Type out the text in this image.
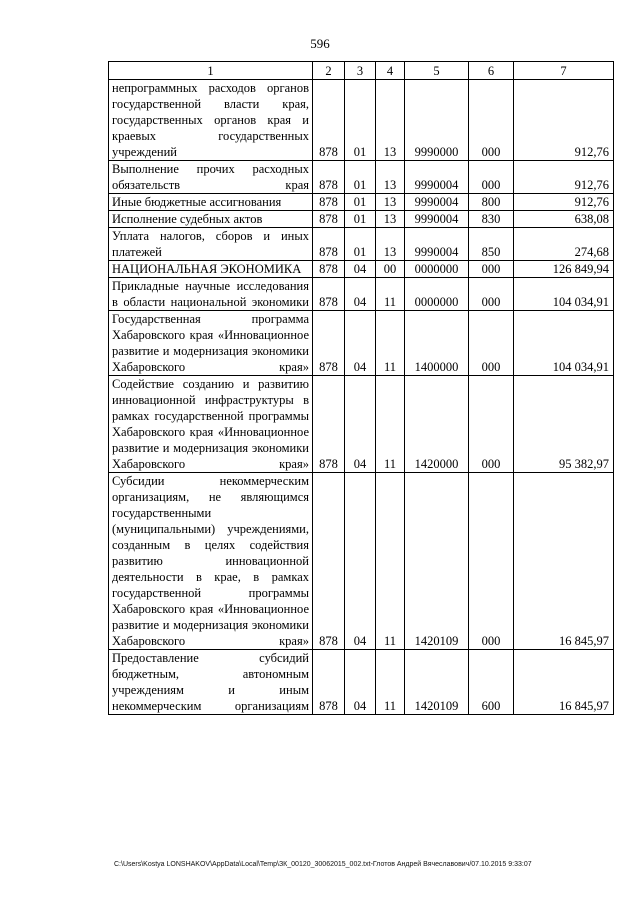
596
1	2	3	4	5	6	7
непрограммных расходов органов государственной власти края, государственных органов края и краевых государственных учреждений	878	01	13	9990000	000	912,76
Выполнение прочих расходных обязательств края	878	01	13	9990004	000	912,76
Иные бюджетные ассигнования	878	01	13	9990004	800	912,76
Исполнение судебных актов	878	01	13	9990004	830	638,08
Уплата налогов, сборов и иных платежей	878	01	13	9990004	850	274,68
НАЦИОНАЛЬНАЯ ЭКОНОМИКА	878	04	00	0000000	000	126 849,94
Прикладные научные исследования в области национальной экономики	878	04	11	0000000	000	104 034,91
Государственная программа Хабаровского края «Инновационное развитие и модернизация экономики Хабаровского края»	878	04	11	1400000	000	104 034,91
Содействие созданию и развитию инновационной инфраструктуры в рамках государственной программы Хабаровского края «Инновационное развитие и модернизация экономики Хабаровского края»	878	04	11	1420000	000	95 382,97
Субсидии некоммерческим организациям, не являющимся государственными (муниципальными) учреждениями, созданным в целях содействия развитию инновационной деятельности в крае, в рамках государственной программы Хабаровского края «Инновационное развитие и модернизация экономики Хабаровского края»	878	04	11	1420109	000	16 845,97
Предоставление субсидий бюджетным, автономным учреждениям и иным некоммерческим организациям	878	04	11	1420109	600	16 845,97
C:\Users\Kostya LONSHAKOV\AppData\Local\Temp\ЗК_00120_30062015_002.txt-Глотов Андрей Вячеславович/07.10.2015 9:33:07
